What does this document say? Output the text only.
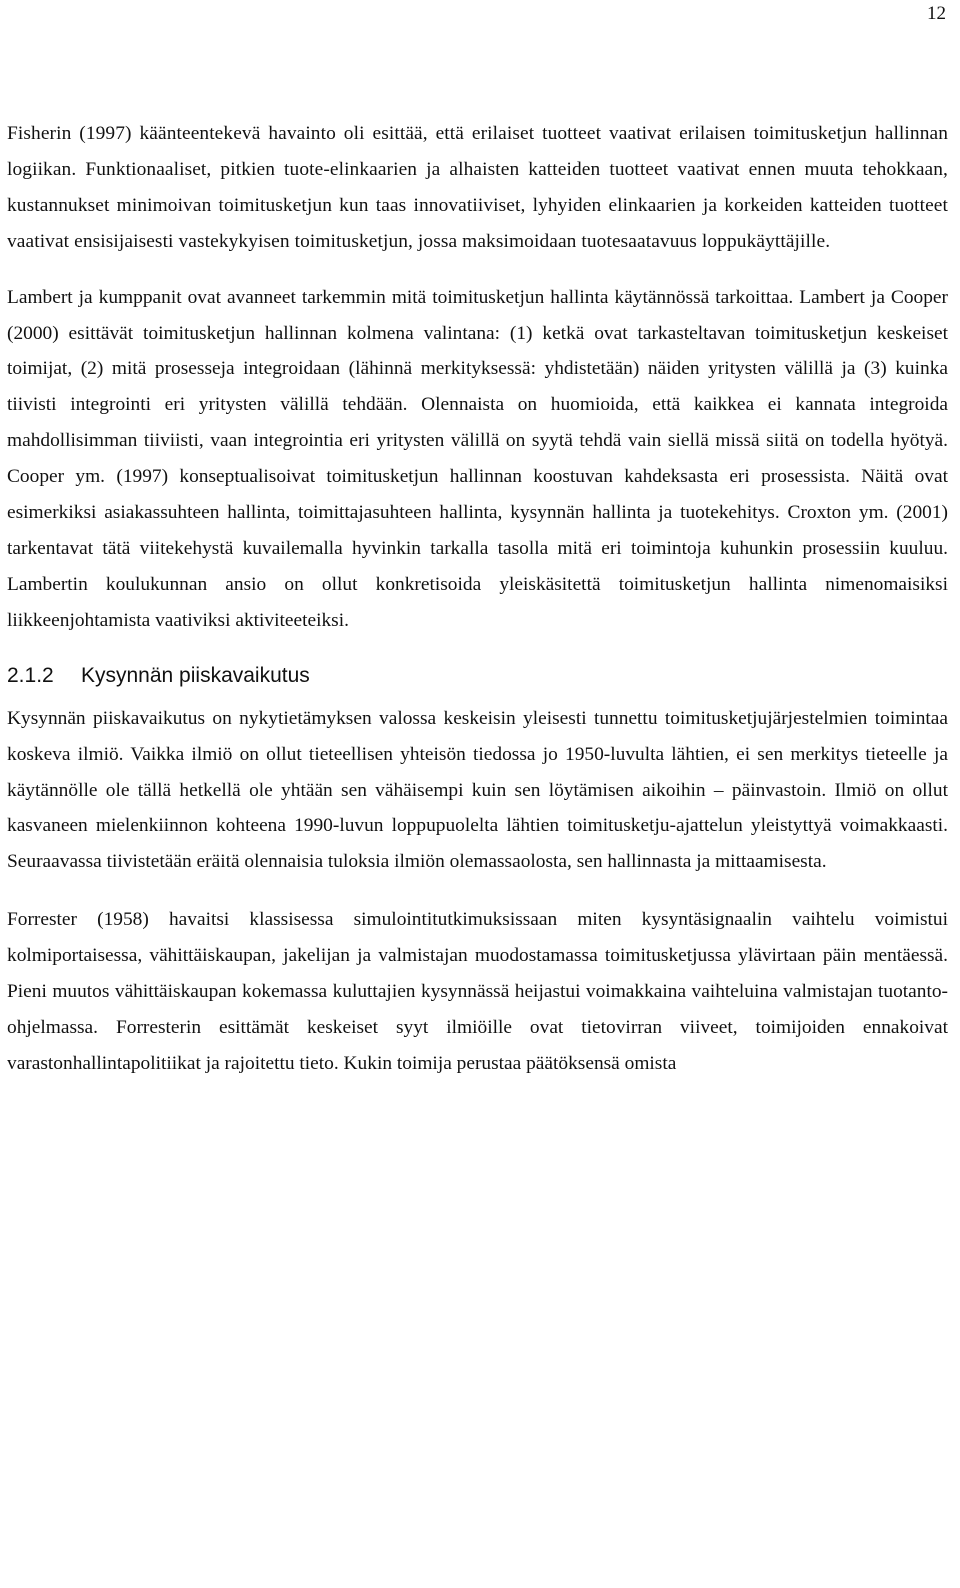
12

Fisherin (1997) käänteentekevä havainto oli esittää, että erilaiset tuotteet vaativat erilaisen toimitusketjun hallinnan logiikan. Funktionaaliset, pitkien tuote-elinkaarien ja alhaisten katteiden tuotteet vaativat ennen muuta tehokkaan, kustannukset minimoivan toimitusketjun kun taas innovatiiviset, lyhyiden elinkaarien ja korkeiden katteiden tuotteet vaativat ensisijaisesti vastekykyisen toimitusketjun, jossa maksimoidaan tuotesaatavuus loppukäyttäjille.

Lambert ja kumppanit ovat avanneet tarkemmin mitä toimitusketjun hallinta käytännössä tarkoittaa. Lambert ja Cooper (2000) esittävät toimitusketjun hallinnan kolmena valintana: (1) ketkä ovat tarkasteltavan toimitusketjun keskeiset toimijat, (2) mitä prosesseja integroidaan (lähinnä merkityksessä: yhdistetään) näiden yritysten välillä ja (3) kuinka tiivisti integrointi eri yritysten välillä tehdään. Olennaista on huomioida, että kaikkea ei kannata integroida mahdollisimman tiiviisti, vaan integrointia eri yritysten välillä on syytä tehdä vain siellä missä siitä on todella hyötyä. Cooper ym. (1997) konseptualisoivat toimitusketjun hallinnan koostuvan kahdeksasta eri prosessista. Näitä ovat esimerkiksi asiakassuhteen hallinta, toimittajasuhteen hallinta, kysynnän hallinta ja tuotekehitys. Croxton ym. (2001) tarkentavat tätä viitekehystä kuvailemalla hyvinkin tarkalla tasolla mitä eri toimintoja kuhunkin prosessiin kuuluu. Lambertin koulukunnan ansio on ollut konkretisoida yleiskäsitettä toimitusketjun hallinta nimenomaisiksi liikkeenjohtamista vaativiksi aktiviteeteiksi.

2.1.2	Kysynnän piiskavaikutus

Kysynnän piiskavaikutus on nykytietämyksen valossa keskeisin yleisesti tunnettu toimitusketjujärjestelmien toimintaa koskeva ilmiö. Vaikka ilmiö on ollut tieteellisen yhteisön tiedossa jo 1950-luvulta lähtien, ei sen merkitys tieteelle ja käytännölle ole tällä hetkellä ole yhtään sen vähäisempi kuin sen löytämisen aikoihin – päinvastoin. Ilmiö on ollut kasvaneen mielenkiinnon kohteena 1990-luvun loppupuolelta lähtien toimitusketju-ajattelun yleistyttyä voimakkaasti. Seuraavassa tiivistetään eräitä olennaisia tuloksia ilmiön olemassaolosta, sen hallinnasta ja mittaamisesta.

Forrester (1958) havaitsi klassisessa simulointitutkimuksissaan miten kysyntäsignaalin vaihtelu voimistui kolmiportaisessa, vähittäiskaupan, jakelijan ja valmistajan muodostamassa toimitusketjussa ylävirtaan päin mentäessä. Pieni muutos vähittäiskaupan kokemassa kuluttajien kysynnässä heijastui voimakkaina vaihteluina valmistajan tuotanto-ohjelmassa. Forresterin esittämät keskeiset syyt ilmiöille ovat tietovirran viiveet, toimijoiden ennakoivat varastonhallintapolitiikat ja rajoitettu tieto. Kukin toimija perustaa päätöksensä omista
